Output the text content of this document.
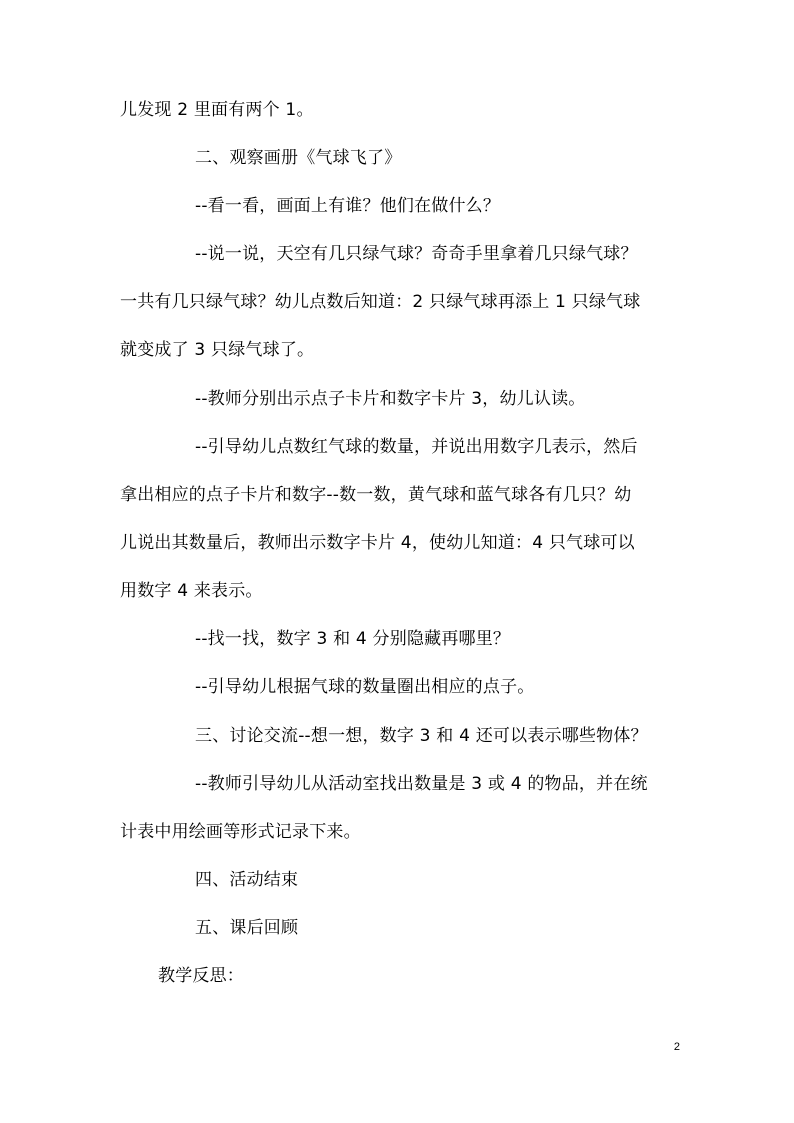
儿发现 2 里面有两个 1。
二、观察画册《气球飞了》
--看一看，画面上有谁？他们在做什么？
--说一说，天空有几只绿气球？奇奇手里拿着几只绿气球？
一共有几只绿气球？幼儿点数后知道：2 只绿气球再添上 1 只绿气球
就变成了 3 只绿气球了。
--教师分别出示点子卡片和数字卡片 3，幼儿认读。
--引导幼儿点数红气球的数量，并说出用数字几表示，然后
拿出相应的点子卡片和数字--数一数，黄气球和蓝气球各有几只？幼
儿说出其数量后，教师出示数字卡片 4，使幼儿知道：4 只气球可以
用数字 4 来表示。
--找一找，数字 3 和 4 分别隐藏再哪里？
--引导幼儿根据气球的数量圈出相应的点子。
三、讨论交流--想一想，数字 3 和 4 还可以表示哪些物体？
--教师引导幼儿从活动室找出数量是 3 或 4 的物品，并在统
计表中用绘画等形式记录下来。
四、活动结束
五、课后回顾
教学反思：
2
